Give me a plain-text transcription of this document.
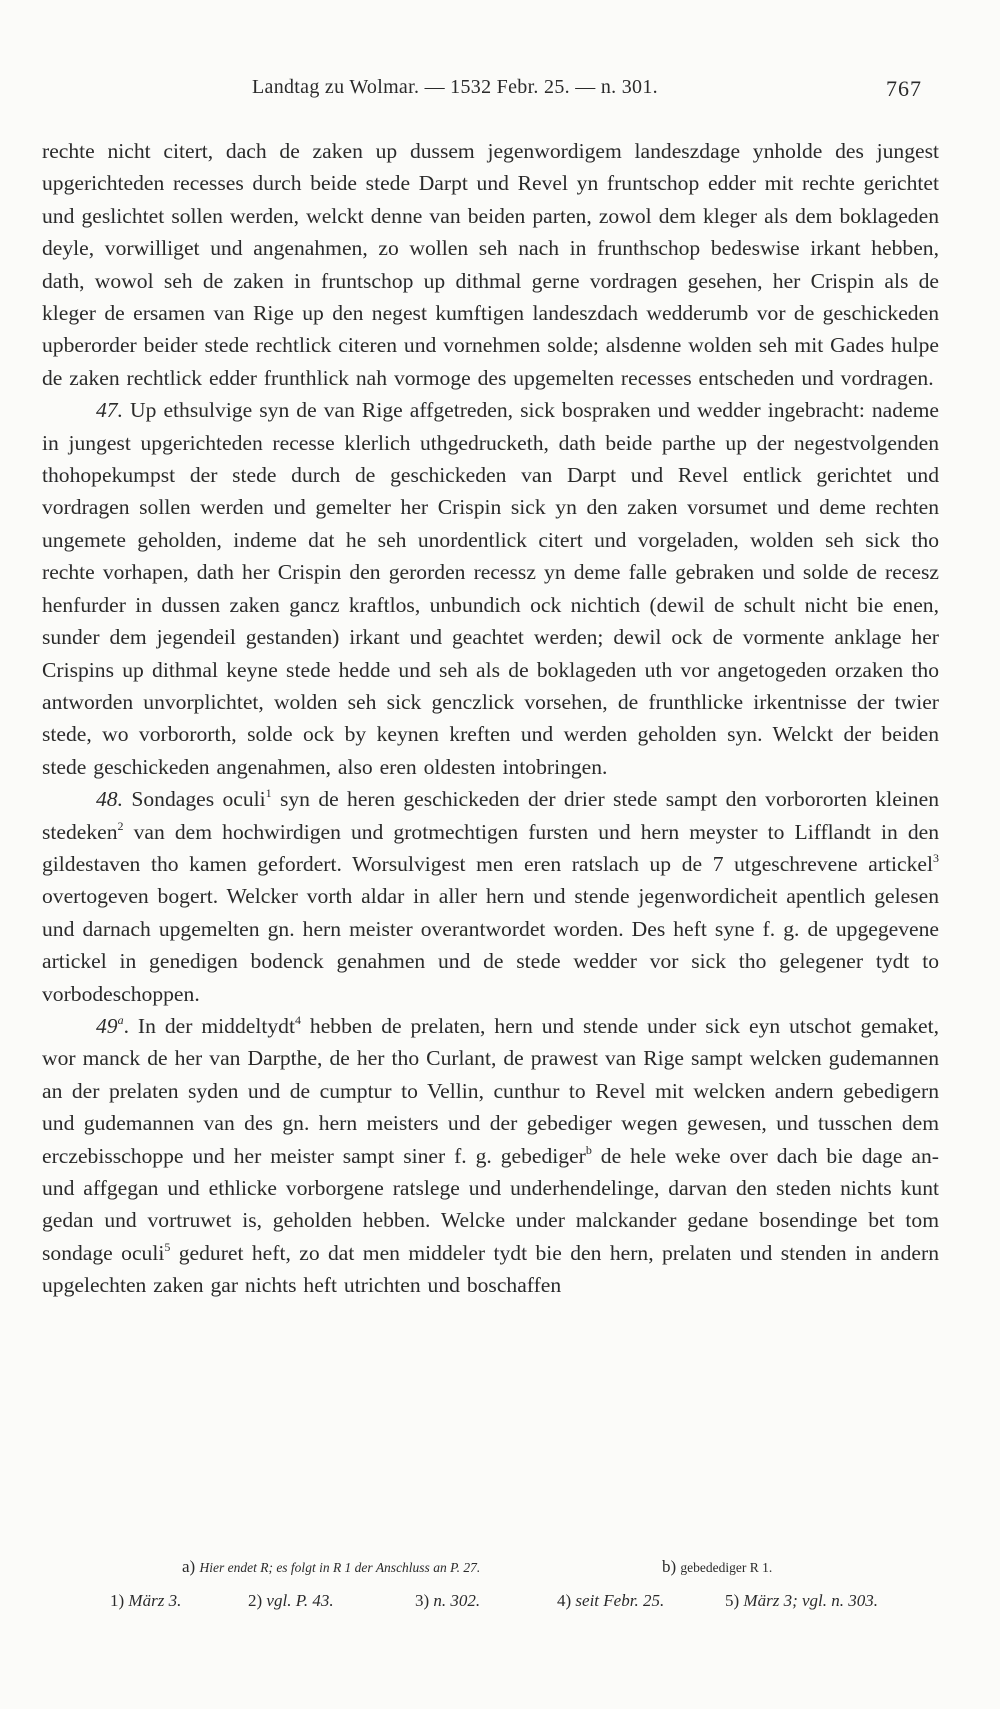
Landtag zu Wolmar. — 1532 Febr. 25. — n. 301.	767

rechte nicht citert, dach de zaken up dussem jegenwordigem landeszdage ynholde des jungest upgerichteden recesses durch beide stede Darpt und Revel yn fruntschop edder mit rechte gerichtet und geslichtet sollen werden, welckt denne van beiden parten, zowol dem kleger als dem boklageden deyle, vorwilliget und angenahmen, zo wollen seh nach in frunthschop bedeswise irkant hebben, dath, wowol seh de zaken in fruntschop up dithmal gerne vordragen gesehen, her Crispin als de kleger de ersamen van Rige up den negest kumftigen landeszdach wedderumb vor de geschickeden upberorder beider stede rechtlick citeren und vornehmen solde; alsdenne wolden seh mit Gades hulpe de zaken rechtlick edder frunthlick nah vormoge des upgemelten recesses entscheden und vordragen.

47. Up ethsulvige syn de van Rige affgetreden, sick bospraken und wedder ingebracht: nademe in jungest upgerichteden recesse klerlich uthgedrucketh, dath beide parthe up der negestvolgenden thohopekumpst der stede durch de geschickeden van Darpt und Revel entlick gerichtet und vordragen sollen werden und gemelter her Crispin sick yn den zaken vorsumet und deme rechten ungemete geholden, indeme dat he seh unordentlick citert und vorgeladen, wolden seh sick tho rechte vorhapen, dath her Crispin den gerorden recessz yn deme falle gebraken und solde de recesz henfurder in dussen zaken gancz kraftlos, unbundich ock nichtich (dewil de schult nicht bie enen, sunder dem jegendeil gestanden) irkant und geachtet werden; dewil ock de vormente anklage her Crispins up dithmal keyne stede hedde und seh als de boklageden uth vor angetogeden orzaken tho antworden unvorplichtet, wolden seh sick genczlick vorsehen, de frunthlicke irkentnisse der twier stede, wo vorbororth, solde ock by keynen kreften und werden geholden syn. Welckt der beiden stede geschickeden angenahmen, also eren oldesten intobringen.

48. Sondages oculi$^1$ syn de heren geschickeden der drier stede sampt den vorbororten kleinen stedeken$^2$ van dem hochwirdigen und grotmechtigen fursten und hern meyster to Lifflandt in den gildestaven tho kamen gefordert. Worsulvigest men eren ratslach up de 7 utgeschrevene artickel$^3$ overtogeven bogert. Welcker vorth aldar in aller hern und stende jegenwordicheit apentlich gelesen und darnach upgemelten gn. hern meister overantwordet worden. Des heft syne f. g. de upgegevene artickel in genedigen bodenck genahmen und de stede wedder vor sick tho gelegener tydt to vorbodeschoppen.

49$^a$. In der middeltydt$^4$ hebben de prelaten, hern und stende under sick eyn utschot gemaket, wor manck de her van Darpthe, de her tho Curlant, de prawest van Rige sampt welcken gudemannen an der prelaten syden und de cumptur to Vellin, cunthur to Revel mit welcken andern gebedigern und gudemannen van des gn. hern meisters und der gebediger wegen gewesen, und tusschen dem erczebisschoppe und her meister sampt siner f. g. gebediger$^b$ de hele weke over dach bie dage an- und affgegan und ethlicke vorborgene ratslege und underhendelinge, darvan den steden nichts kunt gedan und vortruwet is, geholden hebben. Welcke under malckander gedane bosendinge bet tom sondage oculi$^5$ geduret heft, zo dat men middeler tydt bie den hern, prelaten und stenden in andern upgelechten zaken gar nichts heft utrichten und boschaffen

a) Hier endet R; es folgt in R 1 der Anschluss an P. 27.	b) gebedediger R 1.
1) März 3.	2) vgl. P. 43.	3) n. 302.	4) seit Febr. 25.	5) März 3; vgl. n. 303.
